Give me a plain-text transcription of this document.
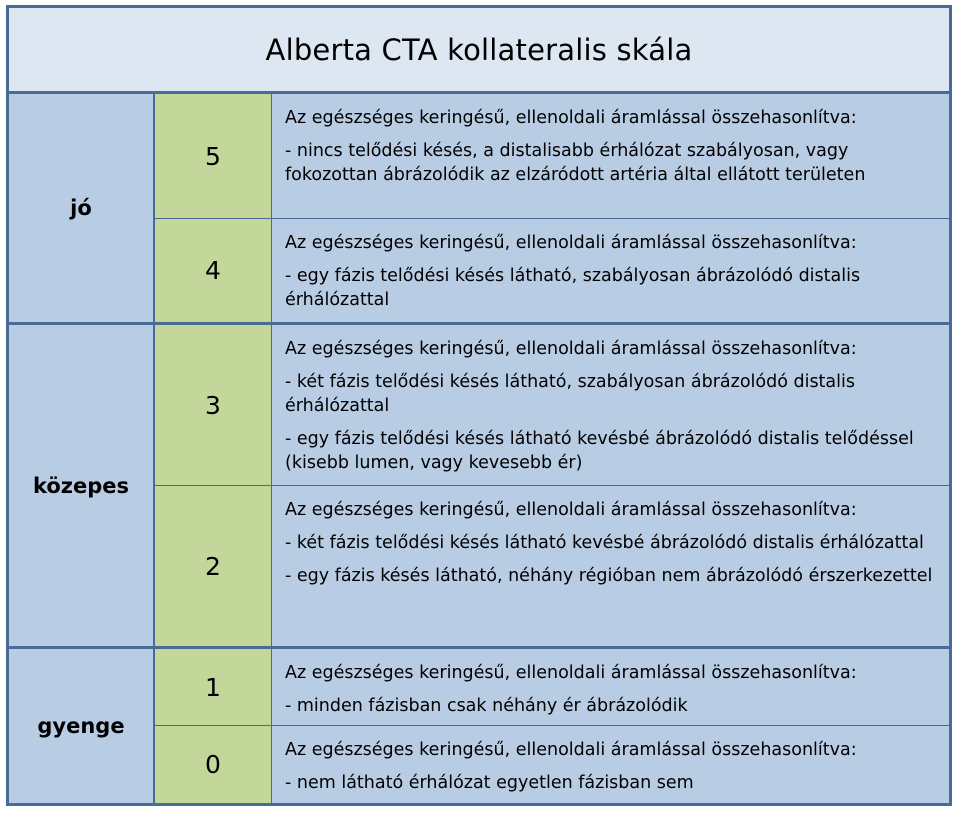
Alberta CTA kollateralis skála
jó
5
Az egészséges keringésű, ellenoldali áramlással összehasonlítva:
- nincs telődési késés, a distalisabb érhálózat szabályosan, vagy fokozottan ábrázolódik az elzáródott artéria által ellátott területen
4
Az egészséges keringésű, ellenoldali áramlással összehasonlítva:
- egy fázis telődési késés látható, szabályosan ábrázolódó distalis érhálózattal
közepes
3
Az egészséges keringésű, ellenoldali áramlással összehasonlítva:
- két fázis telődési késés látható, szabályosan ábrázolódó distalis érhálózattal
- egy fázis telődési késés látható kevésbé ábrázolódó distalis telődéssel (kisebb lumen, vagy kevesebb ér)
2
Az egészséges keringésű, ellenoldali áramlással összehasonlítva:
- két fázis telődési késés látható kevésbé ábrázolódó distalis érhálózattal
- egy fázis késés látható, néhány régióban nem ábrázolódó érszerkezettel
gyenge
1	Az egészséges keringésű, ellenoldali áramlással összehasonlítva:
- minden fázisban csak néhány ér ábrázolódik
0	Az egészséges keringésű, ellenoldali áramlással összehasonlítva:
- nem látható érhálózat egyetlen fázisban sem
